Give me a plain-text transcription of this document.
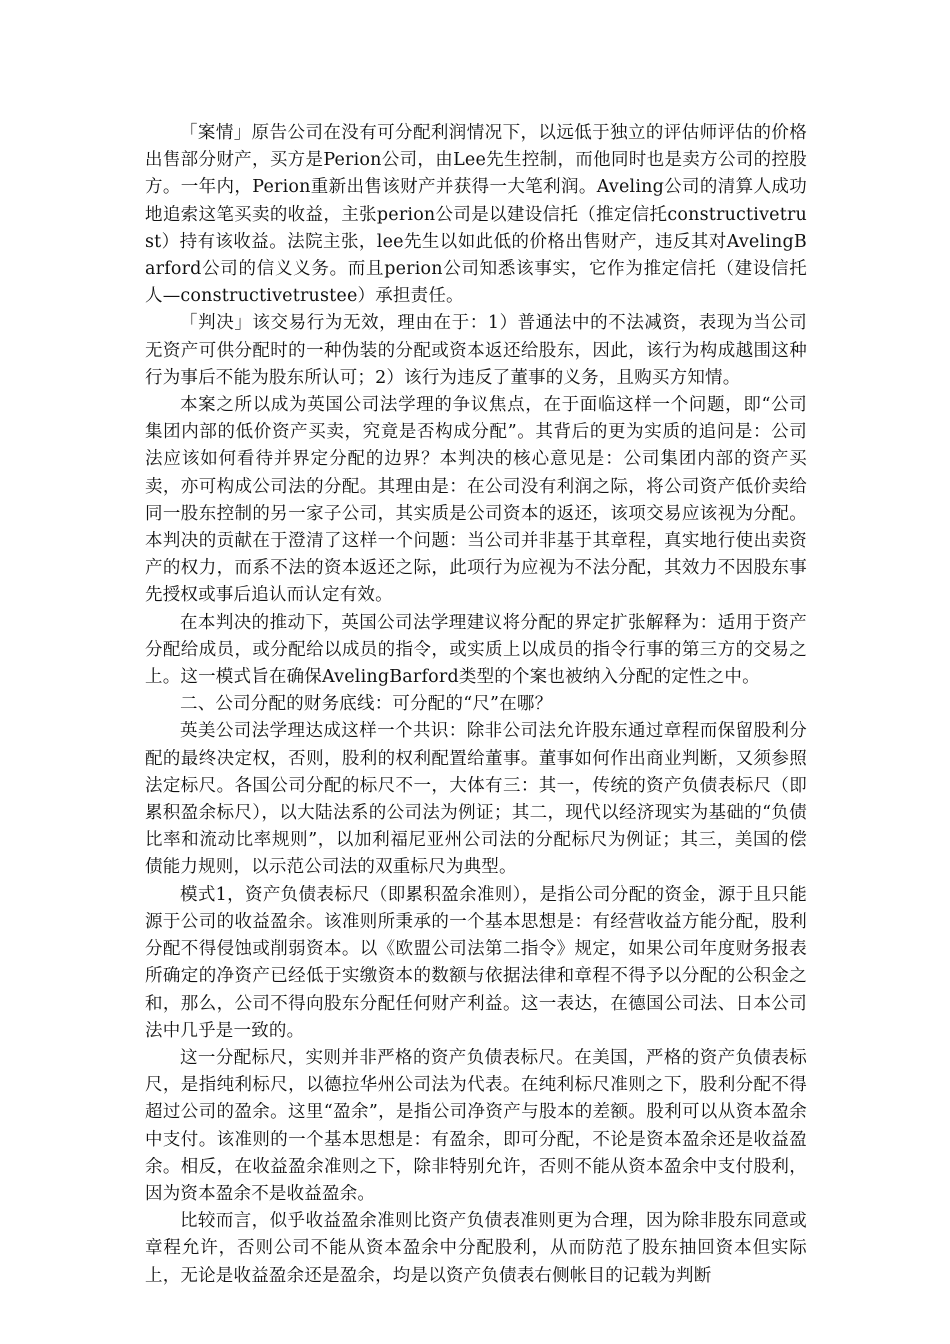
「案情」原告公司在没有可分配利润情况下，以远低于独立的评估师评估的价格出售部分财产，买方是Perion公司，由Lee先生控制，而他同时也是卖方公司的控股方。一年内，Perion重新出售该财产并获得一大笔利润。Aveling公司的清算人成功地追索这笔买卖的收益，主张perion公司是以建设信托（推定信托constructivetrust）持有该收益。法院主张，lee先生以如此低的价格出售财产，违反其对AvelingBarford公司的信义义务。而且perion公司知悉该事实，它作为推定信托（建设信托人—constructivetrustee）承担责任。

「判决」该交易行为无效，理由在于：1）普通法中的不法减资，表现为当公司无资产可供分配时的一种伪装的分配或资本返还给股东，因此，该行为构成越围这种行为事后不能为股东所认可；2）该行为违反了董事的义务，且购买方知情。

本案之所以成为英国公司法学理的争议焦点，在于面临这样一个问题，即“公司集团内部的低价资产买卖，究竟是否构成分配”。其背后的更为实质的追问是：公司法应该如何看待并界定分配的边界？本判决的核心意见是：公司集团内部的资产买卖，亦可构成公司法的分配。其理由是：在公司没有利润之际，将公司资产低价卖给同一股东控制的另一家子公司，其实质是公司资本的返还，该项交易应该视为分配。本判决的贡献在于澄清了这样一个问题：当公司并非基于其章程，真实地行使出卖资产的权力，而系不法的资本返还之际，此项行为应视为不法分配，其效力不因股东事先授权或事后追认而认定有效。

在本判决的推动下，英国公司法学理建议将分配的界定扩张解释为：适用于资产分配给成员，或分配给以成员的指令，或实质上以成员的指令行事的第三方的交易之上。这一模式旨在确保AvelingBarford类型的个案也被纳入分配的定性之中。

二、公司分配的财务底线：可分配的“尺”在哪？

英美公司法学理达成这样一个共识：除非公司法允许股东通过章程而保留股利分配的最终决定权，否则，股利的权利配置给董事。董事如何作出商业判断，又须参照法定标尺。各国公司分配的标尺不一，大体有三：其一，传统的资产负债表标尺（即累积盈余标尺），以大陆法系的公司法为例证；其二，现代以经济现实为基础的“负债比率和流动比率规则”，以加利福尼亚州公司法的分配标尺为例证；其三，美国的偿债能力规则，以示范公司法的双重标尺为典型。

模式1，资产负债表标尺（即累积盈余准则），是指公司分配的资金，源于且只能源于公司的收益盈余。该准则所秉承的一个基本思想是：有经营收益方能分配，股利分配不得侵蚀或削弱资本。以《欧盟公司法第二指令》规定，如果公司年度财务报表所确定的净资产已经低于实缴资本的数额与依据法律和章程不得予以分配的公积金之和，那么，公司不得向股东分配任何财产利益。这一表达，在德国公司法、日本公司法中几乎是一致的。

这一分配标尺，实则并非严格的资产负债表标尺。在美国，严格的资产负债表标尺，是指纯利标尺，以德拉华州公司法为代表。在纯利标尺准则之下，股利分配不得超过公司的盈余。这里“盈余”，是指公司净资产与股本的差额。股利可以从资本盈余中支付。该准则的一个基本思想是：有盈余，即可分配，不论是资本盈余还是收益盈余。相反，在收益盈余准则之下，除非特别允许，否则不能从资本盈余中支付股利，因为资本盈余不是收益盈余。

比较而言，似乎收益盈余准则比资产负债表准则更为合理，因为除非股东同意或章程允许，否则公司不能从资本盈余中分配股利，从而防范了股东抽回资本但实际上，无论是收益盈余还是盈余，均是以资产负债表右侧帐目的记载为判断
